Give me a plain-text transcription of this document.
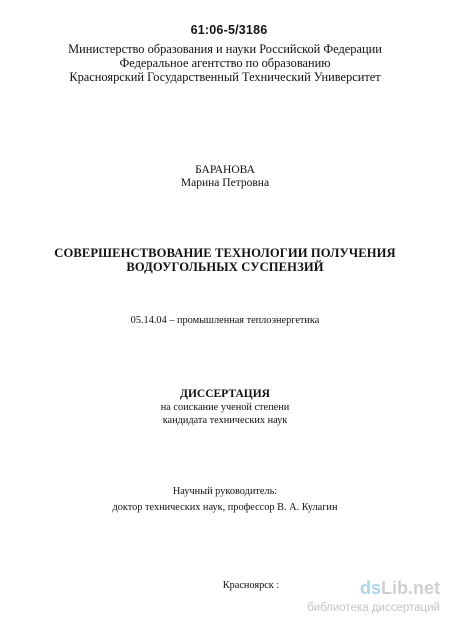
61:06-5/3186
Министерство образования и науки Российской Федерации
Федеральное агентство по образованию
Красноярский Государственный Технический Университет
БАРАНОВА
Марина Петровна
СОВЕРШЕНСТВОВАНИЕ ТЕХНОЛОГИИ ПОЛУЧЕНИЯ
ВОДОУГОЛЬНЫХ СУСПЕНЗИЙ
05.14.04 – промышленная теплоэнергетика
ДИССЕРТАЦИЯ
на соискание ученой степени
кандидата технических наук
Научный руководитель:
доктор технических наук, профессор В. А. Кулагин
Красноярск :	dsLib.net
библиотека диссертаций
